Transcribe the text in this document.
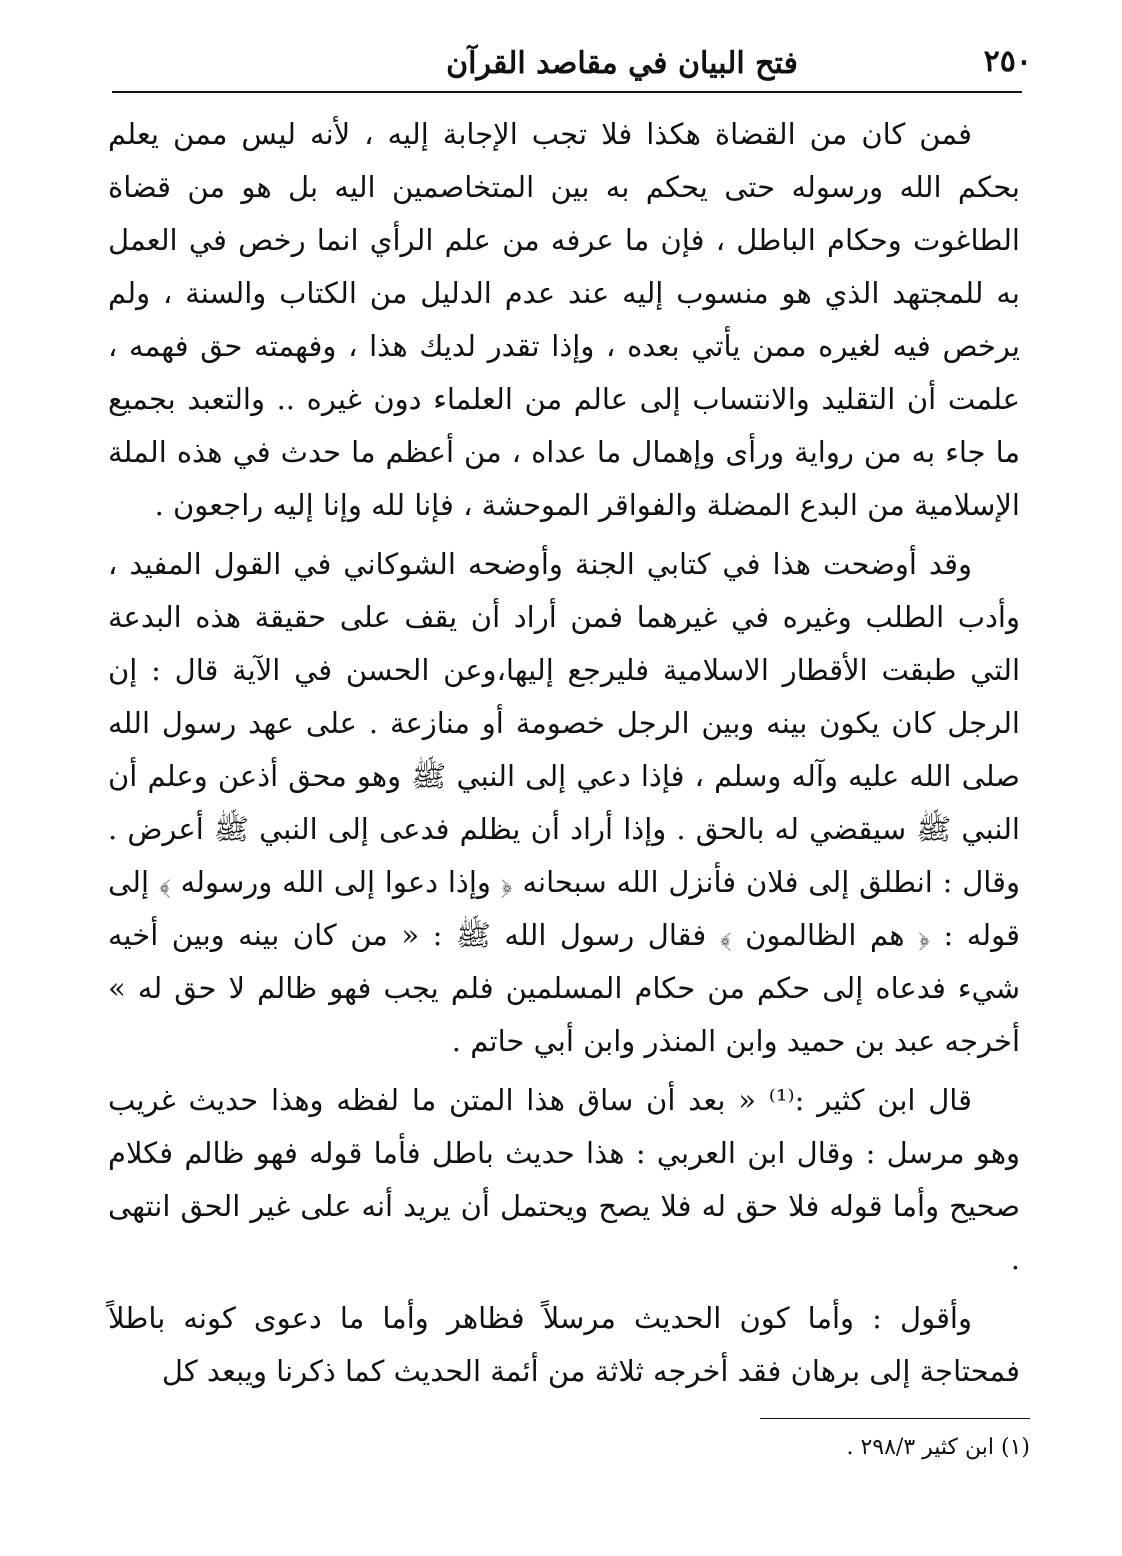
٢٥٠
فتح البيان في مقاصد القرآن

فمن كان من القضاة هكذا فلا تجب الإجابة إليه ، لأنه ليس ممن يعلم بحكم الله ورسوله حتى يحكم به بين المتخاصمين اليه بل هو من قضاة الطاغوت وحكام الباطل ، فإن ما عرفه من علم الرأي انما رخص في العمل به للمجتهد الذي هو منسوب إليه عند عدم الدليل من الكتاب والسنة ، ولم يرخص فيه لغيره ممن يأتي بعده ، وإذا تقدر لديك هذا ، وفهمته حق فهمه ، علمت أن التقليد والانتساب إلى عالم من العلماء دون غيره .. والتعبد بجميع ما جاء به من رواية ورأى وإهمال ما عداه ، من أعظم ما حدث في هذه الملة الإسلامية من البدع المضلة والفواقر الموحشة ، فإنا لله وإنا إليه راجعون .

وقد أوضحت هذا في كتابي الجنة وأوضحه الشوكاني في القول المفيد ، وأدب الطلب وغيره في غيرهما فمن أراد أن يقف على حقيقة هذه البدعة التي طبقت الأقطار الاسلامية فليرجع إليها،وعن الحسن في الآية قال : إن الرجل كان يكون بينه وبين الرجل خصومة أو منازعة . على عهد رسول الله صلى الله عليه وآله وسلم ، فإذا دعي إلى النبي ﷺ وهو محق أذعن وعلم أن النبي ﷺ سيقضي له بالحق . وإذا أراد أن يظلم فدعى إلى النبي ﷺ أعرض . وقال : انطلق إلى فلان فأنزل الله سبحانه ﴿ وإذا دعوا إلى الله ورسوله ﴾ إلى قوله : ﴿ هم الظالمون ﴾ فقال رسول الله ﷺ : « من كان بينه وبين أخيه شيء فدعاه إلى حكم من حكام المسلمين فلم يجب فهو ظالم لا حق له » أخرجه عبد بن حميد وابن المنذر وابن أبي حاتم .

قال ابن كثير :⁽¹⁾ « بعد أن ساق هذا المتن ما لفظه وهذا حديث غريب وهو مرسل : وقال ابن العربي : هذا حديث باطل فأما قوله فهو ظالم فكلام صحيح وأما قوله فلا حق له فلا يصح ويحتمل أن يريد أنه على غير الحق انتهى .

وأقول : وأما كون الحديث مرسلاً فظاهر وأما ما دعوى كونه باطلاً فمحتاجة إلى برهان فقد أخرجه ثلاثة من أئمة الحديث كما ذكرنا ويبعد كل

(١) ابن كثير ٢٩٨/٣ .
